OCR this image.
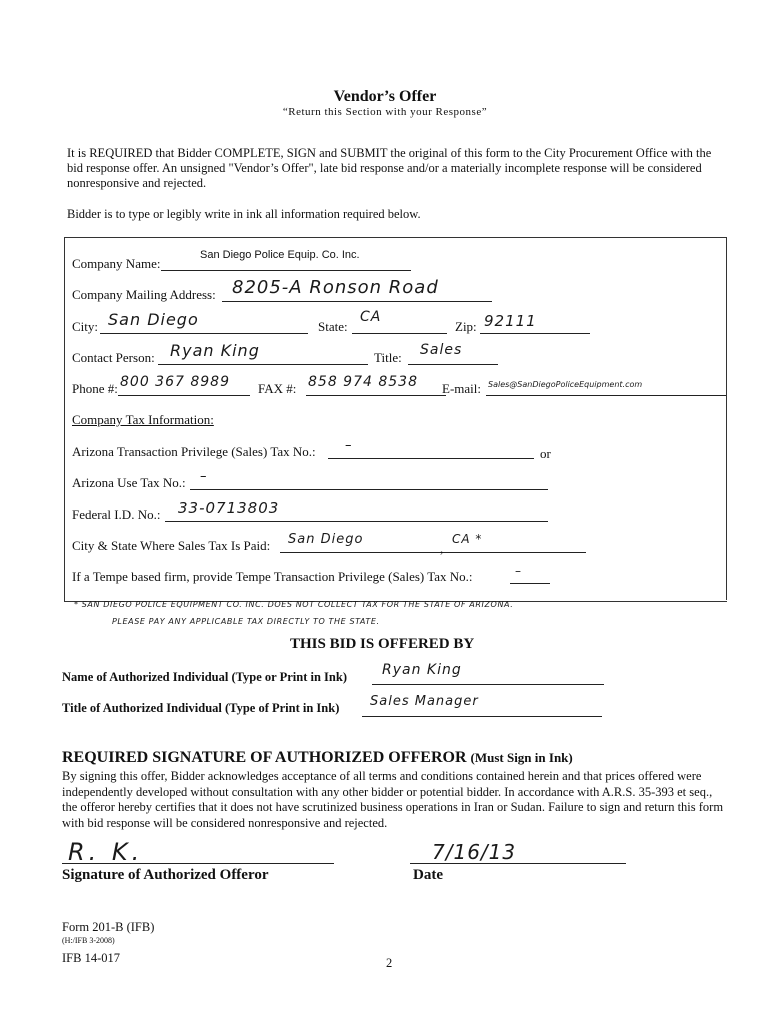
Vendor’s Offer
“Return this Section with your Response”

It is REQUIRED that Bidder COMPLETE, SIGN and SUBMIT the original of this form to the City Procurement Office with the bid response offer. An unsigned "Vendor’s Offer", late bid response and/or a materially incomplete response will be considered nonresponsive and rejected.

Bidder is to type or legibly write in ink all information required below.

Company Name:
San Diego Police Equip. Co. Inc.
Company Mailing Address: 8205-A Ronson Road
City: San Diego	State:
CA
Zip: 92111
Contact Person: Ryan King	Title: Sales
Phone #: 800 367 8989 FAX #: 858 974 8538 E-mail: Sales@SanDiegoPoliceEquipment.com
Company Tax Information:
Arizona Transaction Privilege (Sales) Tax No.: –
or
Arizona Use Tax No.: –
Federal I.D. No.: 33-0713803
City & State Where Sales Tax Is Paid: San Diego
,
CA *
If a Tempe based firm, provide Tempe Transaction Privilege (Sales) Tax No.:	–
* SAN DIEGO POLICE EQUIPMENT CO. INC. DOES NOT COLLECT TAX FOR THE STATE OF ARIZONA.
PLEASE PAY ANY APPLICABLE TAX DIRECTLY TO THE STATE.
THIS BID IS OFFERED BY
Name of Authorized Individual (Type or Print in Ink)	Ryan King
Title of Authorized Individual (Type of Print in Ink) Sales Manager
REQUIRED SIGNATURE OF AUTHORIZED OFFEROR (Must Sign in Ink)

By signing this offer, Bidder acknowledges acceptance of all terms and conditions contained herein and that prices offered were independently developed without consultation with any other bidder or potential bidder. In accordance with A.R.S. 35-393 et seq., the offeror hereby certifies that it does not have scrutinized business operations in Iran or Sudan. Failure to sign and return this form with bid response will be considered nonresponsive and rejected.

R. K.
Signature of Authorized Offeror
7/16/13
Date
Form 201-B (IFB)
(H:/IFB 3-2008)
IFB 14-017	2
